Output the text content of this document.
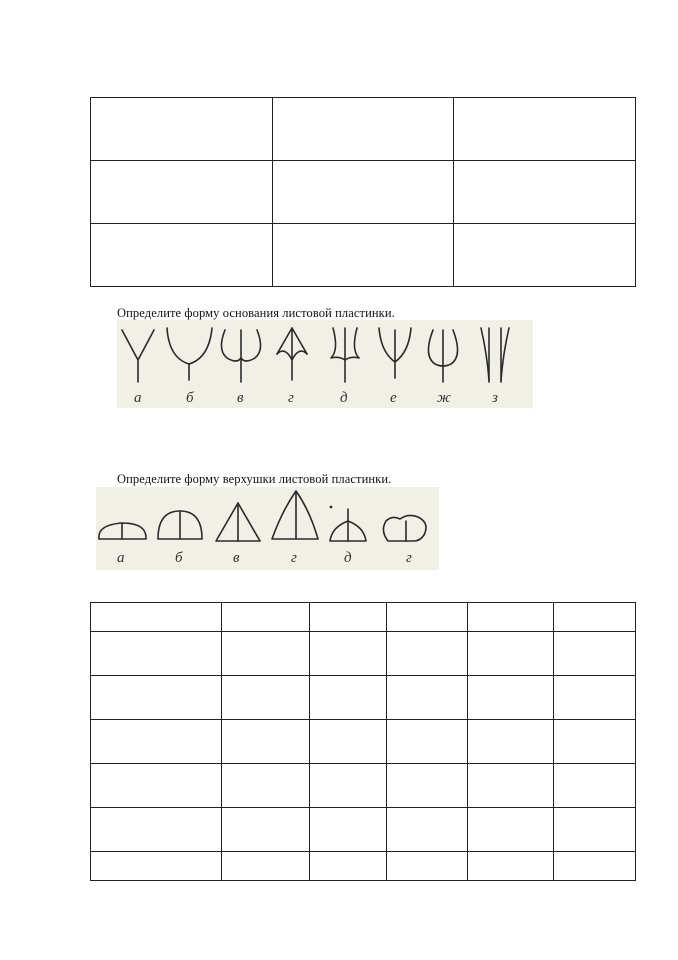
Определите форму основания листовой пластинки.
а	б	в	г	д	е	ж	з
Определите форму верхушки листовой пластинки.
а	б	в	г	д	г
